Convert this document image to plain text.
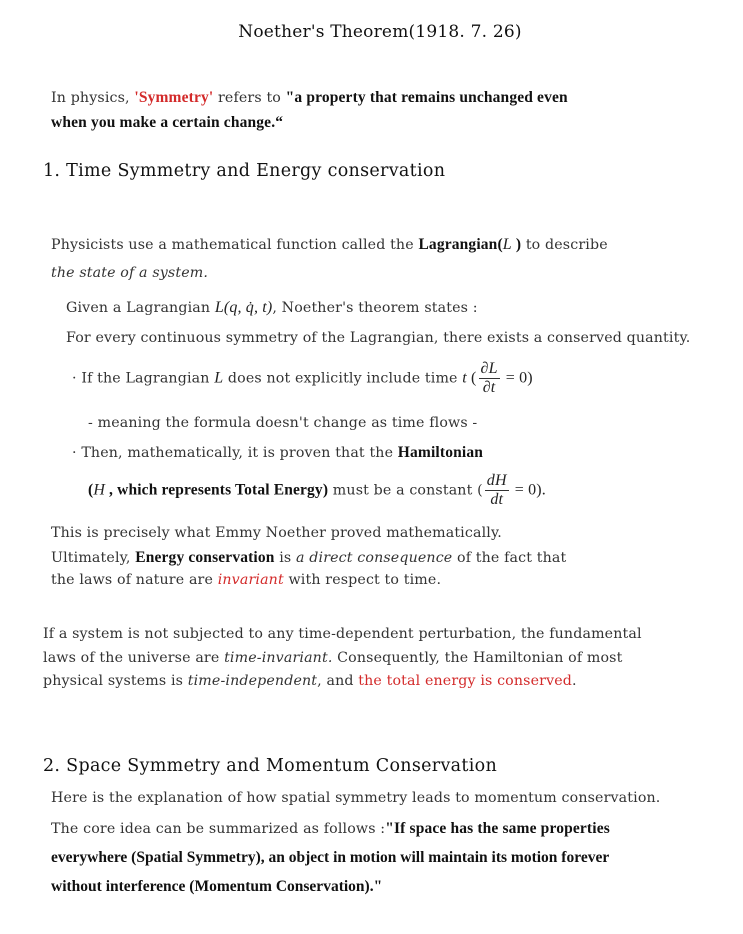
Noether's Theorem(1918. 7. 26)
In physics, 'Symmetry' refers to "a property that remains unchanged even
when you make a certain change.“
1. Time Symmetry and Energy conservation
Physicists use a mathematical function called the Lagrangian(L ) to describe
the state of a system.
Given a Lagrangian L(q, q̇, t), Noether's theorem states :
For every continuous symmetry of the Lagrangian, there exists a conserved quantity.
· If the Lagrangian L does not explicitly include time t ( $\frac{\partial L}{\partial t} = 0$)
- meaning the formula doesn't change as time flows -
· Then, mathematically, it is proven that the Hamiltonian
(H , which represents Total Energy) must be a constant ( $\frac{dH}{dt} = 0$).
This is precisely what Emmy Noether proved mathematically.
Ultimately, Energy conservation is a direct consequence of the fact that
the laws of nature are invariant with respect to time.
If a system is not subjected to any time-dependent perturbation, the fundamental
laws of the universe are time-invariant. Consequently, the Hamiltonian of most
physical systems is time-independent, and the total energy is conserved.
2. Space Symmetry and Momentum Conservation
Here is the explanation of how spatial symmetry leads to momentum conservation.
The core idea can be summarized as follows :"If space has the same properties
everywhere (Spatial Symmetry), an object in motion will maintain its motion forever
without interference (Momentum Conservation)."
